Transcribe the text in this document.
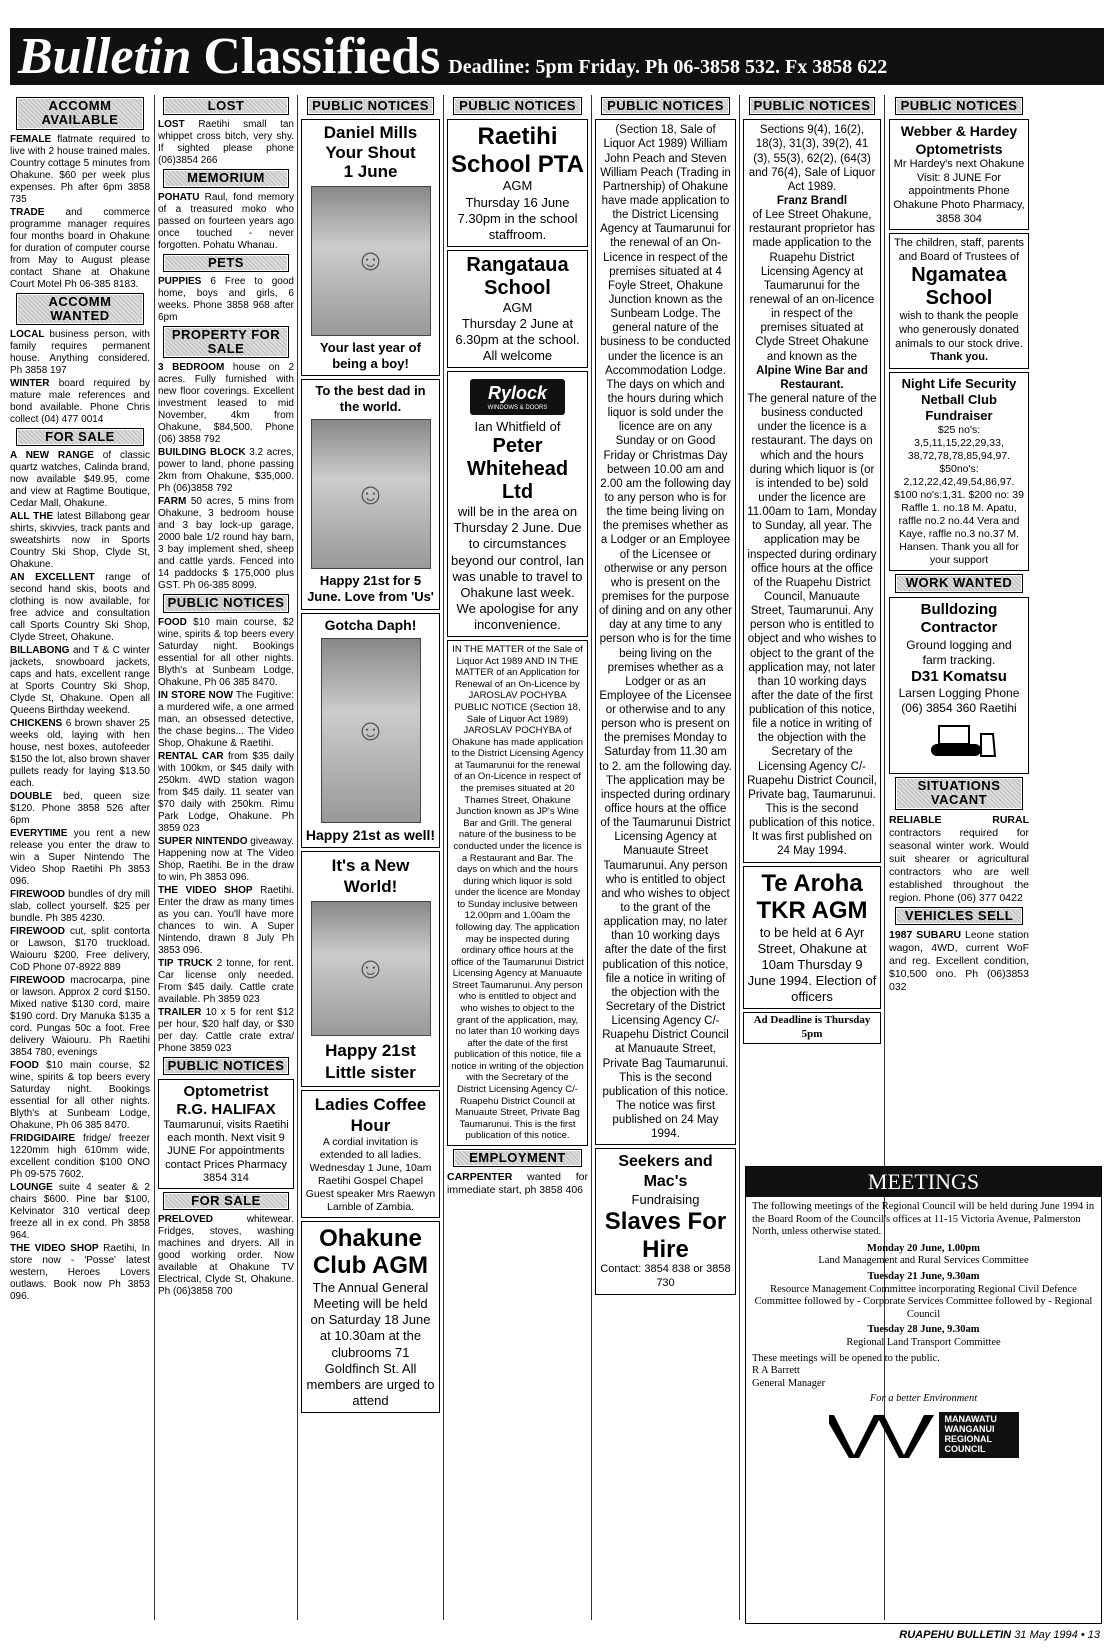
Bulletin Classifieds Deadline: 5pm Friday. Ph 06-3858 532. Fx 3858 622
ACCOMM AVAILABLE
FEMALE flatmate required to live with 2 house trained males. Country cottage 5 minutes from Ohakune. $60 per week plus expenses. Ph after 6pm 3858 735
TRADE and commerce programme manager requires four months board in Ohakune for duration of computer course from May to August please contact Shane at Ohakune Court Motel Ph 06-385 8183.
ACCOMM WANTED
LOCAL business person, with family requires permanent house. Anything considered. Ph 3858 197
WINTER board required by mature male references and bond available. Phone Chris collect (04) 477 0014
FOR SALE
A NEW RANGE of classic quartz watches, Calinda brand, now available $49.95, come and view at Ragtime Boutique, Cedar Mall, Ohakune.
ALL THE latest Billabong gear shirts, skivvies, track pants and sweatshirts now in Sports Country Ski Shop, Clyde St, Ohakune.
AN EXCELLENT range of second hand skis, boots and clothing is now available, for free advice and consultation call Sports Country Ski Shop, Clyde Street, Ohakune.
BILLABONG and T & C winter jackets, snowboard jackets, caps and hats, excellent range at Sports Country Ski Shop, Clyde St, Ohakune. Open all Queens Birthday weekend.
CHICKENS 6 brown shaver 25 weeks old, laying with hen house, nest boxes, autofeeder $150 the lot, also brown shaver pullets ready for laying $13.50 each.
DOUBLE bed, queen size $120. Phone 3858 526 after 6pm
EVERYTIME you rent a new release you enter the draw to win a Super Nintendo The Video Shop Raetihi Ph 3853 096.
FIREWOOD bundles of dry mill slab, collect yourself. $25 per bundle. Ph 385 4230.
FIREWOOD cut, split contorta or Lawson, $170 truckload. Waiouru $200. Free delivery, CoD Phone 07-8922 889
FIREWOOD macrocarpa, pine or lawson. Approx 2 cord $150. Mixed native $130 cord, maire $190 cord. Dry Manuka $135 a cord. Pungas 50c a foot. Free delivery Waiouru. Ph Raetihi 3854 780, evenings
FOOD $10 main course, $2 wine, spirits & top beers every Saturday night. Bookings essential for all other nights. Blyth's at Sunbeam Lodge, Ohakune, Ph 06 385 8470.
FRIDGIDAIRE fridge/ freezer 1220mm high 610mm wide, excellent condition $100 ONO Ph 09-575 7602.
LOUNGE suite 4 seater & 2 chairs $600. Pine bar $100, Kelvinator 310 vertical deep freeze all in ex cond. Ph 3858 964.
THE VIDEO SHOP Raetihi, In store now - 'Posse' latest western, Heroes Lovers outlaws. Book now Ph 3853 096.
LOST
LOST Raetihi small tan whippet cross bitch, very shy. If sighted please phone (06)3854 266
MEMORIUM
POHATU Raul, fond memory of a treasured moko who passed on fourteen years ago once touched - never forgotten. Pohatu Whanau.
PETS
PUPPIES 6 Free to good home, boys and girls, 6 weeks. Phone 3858 968 after 6pm
PROPERTY FOR SALE
3 BEDROOM house on 2 acres. Fully furnished with new floor coverings. Excellent investment leased to mid November, 4km from Ohakune, $84,500. Phone (06) 3858 792
BUILDING BLOCK 3.2 acres, power to land, phone passing 2km from Ohakune, $35,000. Ph (06)3858 792
FARM 50 acres, 5 mins from Ohakune, 3 bedroom house and 3 bay lock-up garage, 2000 bale 1/2 round hay barn, 3 bay implement shed, sheep and cattle yards. Fenced into 14 paddocks $ 175,000 plus GST. Ph 06-385 8099.
PUBLIC NOTICES
FOOD $10 main course, $2 wine, spirits & top beers every Saturday night. Bookings essential for all other nights. Blyth's at Sunbeam Lodge, Ohakune, Ph 06 385 8470.
IN STORE NOW The Fugitive: a murdered wife, a one armed man, an obsessed detective, the chase begins... The Video Shop, Ohakune & Raetihi.
RENTAL CAR from $35 daily with 100km, or $45 daily with 250km. 4WD station wagon from $45 daily. 11 seater van $70 daily with 250km. Rimu Park Lodge, Ohakune. Ph 3859 023
SUPER NINTENDO giveaway. Happening now at The Video Shop, Raetihi. Be in the draw to win, Ph 3853 096.
THE VIDEO SHOP Raetihi. Enter the draw as many times as you can. You'll have more chances to win. A Super Nintendo, drawn 8 July Ph 3853 096.
TIP TRUCK 2 tonne, for rent. Car license only needed. From $45 daily. Cattle crate available. Ph 3859 023
TRAILER 10 x 5 for rent $12 per hour, $20 half day, or $30 per day. Cattle crate extra/ Phone 3859 023
PUBLIC NOTICES
Optometrist
R.G. HALIFAX
Taumarunui, visits Raetihi each month. Next visit 9 JUNE For appointments contact Prices Pharmacy 3854 314
FOR SALE
PRELOVED whitewear. Fridges, stoves, washing machines and dryers. All in good working order. Now available at Ohakune TV Electrical, Clyde St, Ohakune. Ph (06)3858 700
PUBLIC NOTICES
Daniel Mills
Your Shout
1 June
☺
Your last year of being a boy!
To the best dad in the world.
☺
Happy 21st for 5 June. Love from 'Us'
Gotcha Daph!
☺
Happy 21st as well!
It's a New World!
☺
Happy 21st Little sister
Ladies Coffee Hour
A cordial invitation is extended to all ladies. Wednesday 1 June, 10am Raetihi Gospel Chapel Guest speaker Mrs Raewyn Lamble of Zambia.
Ohakune Club AGM
The Annual General Meeting will be held on Saturday 18 June at 10.30am at the clubrooms 71 Goldfinch St. All members are urged to attend
PUBLIC NOTICES
Raetihi School PTA
AGM
Thursday 16 June 7.30pm in the school staffroom.
Rangataua School
AGM
Thursday 2 June at 6.30pm at the school. All welcome
Rylock
WINDOWS & DOORS
Ian Whitfield of
Peter Whitehead Ltd
will be in the area on Thursday 2 June. Due to circumstances beyond our control, Ian was unable to travel to Ohakune last week. We apologise for any inconvenience.
IN THE MATTER of the Sale of Liquor Act 1989 AND IN THE MATTER of an Application for Renewal of an On-Licence by JAROSLAV POCHYBA PUBLIC NOTICE (Section 18, Sale of Liquor Act 1989) JAROSLAV POCHYBA of Ohakune has made application to the District Licensing Agency at Taumarunui for the renewal of an On-Licence in respect of the premises situated at 20 Thames Street, Ohakune Junction known as JP's Wine Bar and Grill. The general nature of the business to be conducted under the licence is a Restaurant and Bar. The days on which and the hours during which liquor is sold under the licence are Monday to Sunday inclusive between 12.00pm and 1.00am the following day. The application may be inspected during ordinary office hours at the office of the Taumarunui District Licensing Agency at Manuaute Street Taumarunui. Any person who is entitled to object and who wishes to object to the grant of the application, may, no later than 10 working days after the date of the first publication of this notice, file a notice in writing of the objection with the Secretary of the District Licensing Agency C/- Ruapehu District Council at Manuaute Street, Private Bag Taumarunui. This is the first publication of this notice.
EMPLOYMENT
CARPENTER wanted for immediate start, ph 3858 406
PUBLIC NOTICES
(Section 18, Sale of Liquor Act 1989) William John Peach and Steven William Peach (Trading in Partnership) of Ohakune have made application to the District Licensing Agency at Taumarunui for the renewal of an On-Licence in respect of the premises situated at 4 Foyle Street, Ohakune Junction known as the Sunbeam Lodge. The general nature of the business to be conducted under the licence is an Accommodation Lodge. The days on which and the hours during which liquor is sold under the licence are on any Sunday or on Good Friday or Christmas Day between 10.00 am and 2.00 am the following day to any person who is for the time being living on the premises whether as a Lodger or an Employee of the Licensee or otherwise or any person who is present on the premises for the purpose of dining and on any other day at any time to any person who is for the time being living on the premises whether as a Lodger or as an Employee of the Licensee or otherwise and to any person who is present on the premises Monday to Saturday from 11.30 am to 2. am the following day. The application may be inspected during ordinary office hours at the office of the Taumarunui District Licensing Agency at Manuaute Street Taumarunui. Any person who is entitled to object and who wishes to object to the grant of the application may, no later than 10 working days after the date of the first publication of this notice, file a notice in writing of the objection with the Secretary of the District Licensing Agency C/- Ruapehu District Council at Manuaute Street, Private Bag Taumarunui. This is the second publication of this notice. The notice was first published on 24 May 1994.
Seekers and Mac's
Fundraising
Slaves For Hire
Contact: 3854 838 or 3858 730
PUBLIC NOTICES
Sections 9(4), 16(2), 18(3), 31(3), 39(2), 41 (3), 55(3), 62(2), (64(3) and 76(4), Sale of Liquor Act 1989.
Franz Brandl
of Lee Street Ohakune, restaurant proprietor has made application to the Ruapehu District Licensing Agency at Taumarunui for the renewal of an on-licence in respect of the premises situated at Clyde Street Ohakune and known as the
Alpine Wine Bar and Restaurant.
The general nature of the business conducted under the licence is a restaurant. The days on which and the hours during which liquor is (or is intended to be) sold under the licence are 11.00am to 1am, Monday to Sunday, all year. The application may be inspected during ordinary office hours at the office of the Ruapehu District Council, Manuaute Street, Taumarunui. Any person who is entitled to object and who wishes to object to the grant of the application may, not later than 10 working days after the date of the first publication of this notice, file a notice in writing of the objection with the Secretary of the Licensing Agency C/- Ruapehu District Council, Private bag, Taumarunui. This is the second publication of this notice. It was first published on 24 May 1994.
Te Aroha TKR AGM
to be held at 6 Ayr Street, Ohakune at 10am Thursday 9 June 1994. Election of officers
Ad Deadline is Thursday 5pm
PUBLIC NOTICES
Webber & Hardey Optometrists
Mr Hardey's next Ohakune Visit: 8 JUNE For appointments Phone Ohakune Photo Pharmacy, 3858 304
The children, staff, parents and Board of Trustees of
Ngamatea School
wish to thank the people who generously donated animals to our stock drive. Thank you.
Night Life Security Netball Club Fundraiser
$25 no's: 3,5,11,15,22,29,33, 38,72,78,78,85,94,97. $50no's: 2,12,22,42,49,54,86,97. $100 no's:1,31. $200 no: 39 Raffle 1. no.18 M. Apatu, raffle no.2 no.44 Vera and Kaye, raffle no.3 no.37 M. Hansen. Thank you all for your support
WORK WANTED
Bulldozing Contractor
Ground logging and farm tracking.
D31 Komatsu
Larsen Logging Phone (06) 3854 360 Raetihi
SITUATIONS VACANT
RELIABLE RURAL contractors required for seasonal winter work. Would suit shearer or agricultural contractors who are well established throughout the region. Phone (06) 377 0422
VEHICLES SELL
1987 SUBARU Leone station wagon, 4WD, current WoF and reg. Excellent condition, $10,500 ono. Ph (06)3853 032
MEETINGS
The following meetings of the Regional Council will be held during June 1994 in the Board Room of the Council's offices at 11-15 Victoria Avenue, Palmerston North, unless otherwise stated.
Monday 20 June, 1.00pm
Land Management and Rural Services Committee
Tuesday 21 June, 9.30am
Resource Management Committee incorporating Regional Civil Defence Committee followed by - Corporate Services Committee followed by - Regional Council
Tuesday 28 June, 9.30am
Regional Land Transport Committee
These meetings will be opened to the public.
R A Barrett
General Manager
For a better Environment
MANAWATU WANGANUI REGIONAL COUNCIL
RUAPEHU BULLETIN 31 May 1994 • 13
